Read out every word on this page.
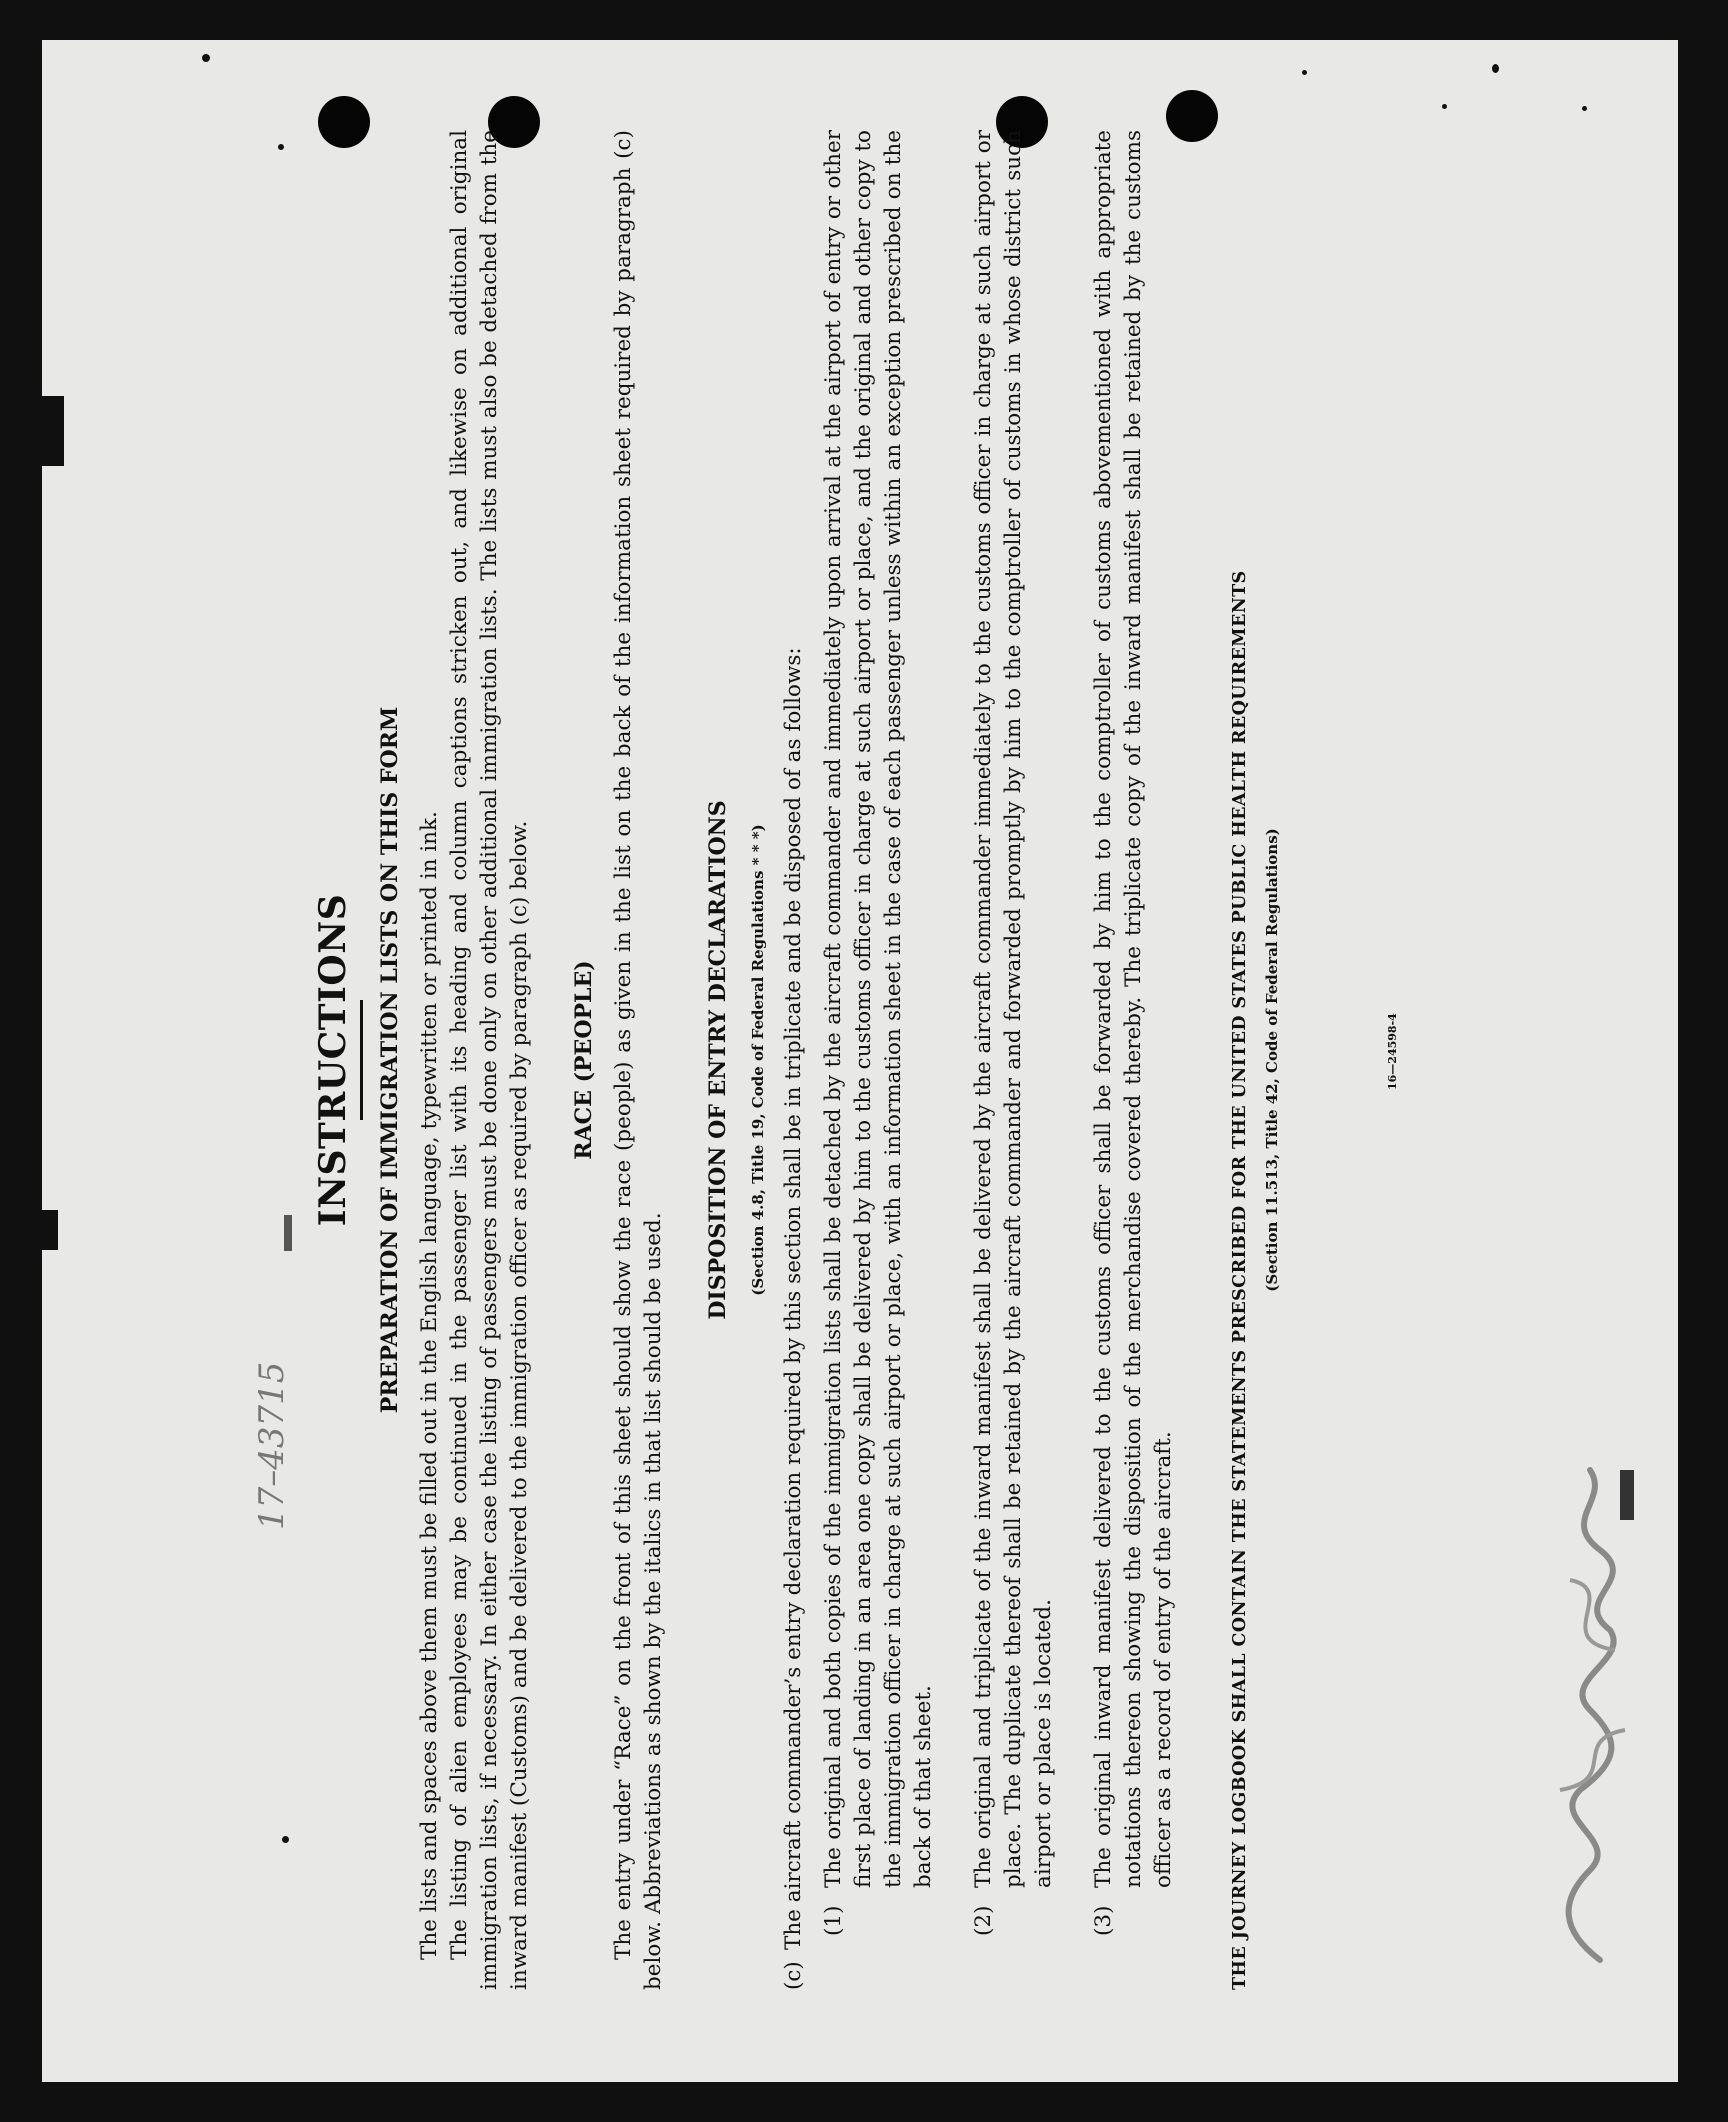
INSTRUCTIONS PREPARATION OF IMMIGRATION LISTS ON THIS FORM The lists and spaces above them must be filled out in the English language, typewritten or printed in ink. The listing of alien employees may be continued in the passenger list with its heading and column captions stricken out, and likewise on additional original immigration lists, if necessary. In either case the listing of passengers must be done only on other additional immigration lists. The lists must also be detached from the inward manifest (Customs) and be delivered to the immigration officer as required by paragraph (c) below. RACE (PEOPLE) The entry under “Race” on the front of this sheet should show the race (people) as given in the list on the back of the information sheet required by paragraph (c) below. Abbreviations as shown by the italics in that list should be used.

DISPOSITION OF ENTRY DECLARATIONS	(Section 4.8, Title 19, Code of Federal Regulations * * *)
(c)
The aircraft commander’s entry declaration required by this section shall be in triplicate and be disposed of as follows: (1)
The original and both copies of the immigration lists shall be detached by the aircraft commander and immediately upon arrival at the airport of entry or other first place of landing in an area one copy shall be delivered by him to the customs officer in charge at such airport or place, and the original and other copy to the immigration officer in charge at such airport or place, with an information sheet in the case of each passenger unless within an exception prescribed on the back of that sheet.
(2)
The original and triplicate of the inward manifest shall be delivered by the aircraft commander immediately to the customs officer in charge at such airport or place. The duplicate thereof shall be retained by the aircraft commander and forwarded promptly by him to the comptroller of customs in whose district such airport or place is located.
(3)
The original inward manifest delivered to the customs officer shall be forwarded by him to the comptroller of customs abovementioned with appropriate notations thereon showing the disposition of the merchandise covered thereby. The triplicate copy of the inward manifest shall be retained by the customs officer as a record of entry of the aircraft.	THE JOURNEY LOGBOOK SHALL CONTAIN THE STATEMENTS PRESCRIBED FOR THE UNITED STATES PUBLIC HEALTH REQUIREMENTS (Section 11.513, Title 42, Code of Federal Regulations)	16—24598-4
17–43715
